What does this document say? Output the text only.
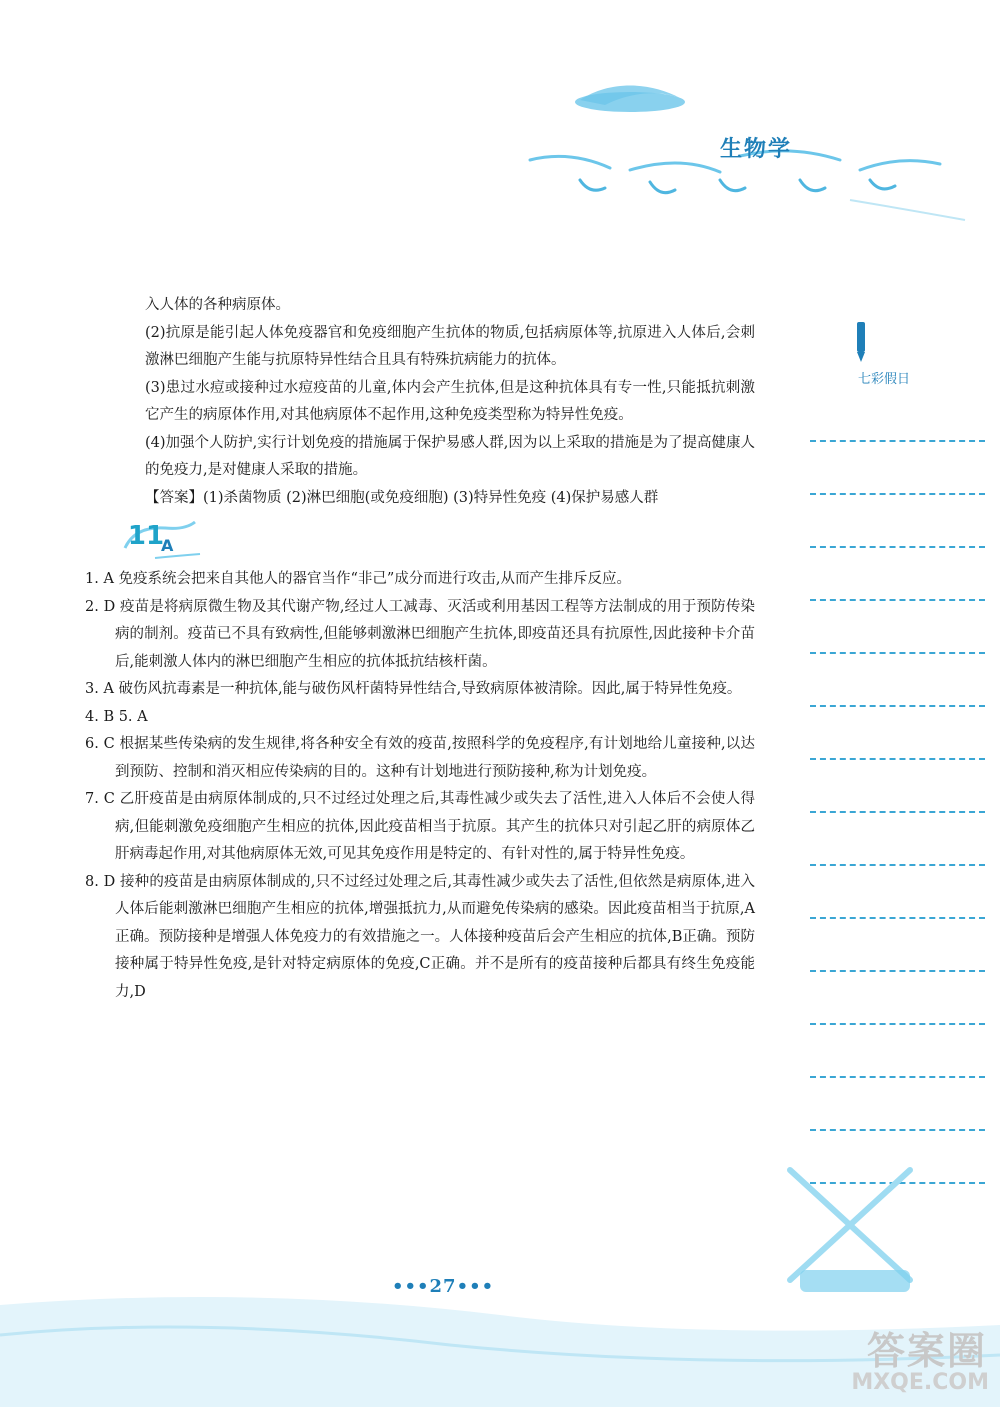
生物学
七彩假日

入人体的各种病原体。

(2)抗原是能引起人体免疫器官和免疫细胞产生抗体的物质,包括病原体等,抗原进入人体后,会刺激淋巴细胞产生能与抗原特异性结合且具有特殊抗病能力的抗体。

(3)患过水痘或接种过水痘疫苗的儿童,体内会产生抗体,但是这种抗体具有专一性,只能抵抗刺激它产生的病原体作用,对其他病原体不起作用,这种免疫类型称为特异性免疫。

(4)加强个人防护,实行计划免疫的措施属于保护易感人群,因为以上采取的措施是为了提高健康人的免疫力,是对健康人采取的措施。

【答案】(1)杀菌物质 (2)淋巴细胞(或免疫细胞) (3)特异性免疫 (4)保护易感人群

11
A

1. A 免疫系统会把来自其他人的器官当作“非己”成分而进行攻击,从而产生排斥反应。

2. D 疫苗是将病原微生物及其代谢产物,经过人工减毒、灭活或利用基因工程等方法制成的用于预防传染病的制剂。疫苗已不具有致病性,但能够刺激淋巴细胞产生抗体,即疫苗还具有抗原性,因此接种卡介苗后,能刺激人体内的淋巴细胞产生相应的抗体抵抗结核杆菌。

3. A 破伤风抗毒素是一种抗体,能与破伤风杆菌特异性结合,导致病原体被清除。因此,属于特异性免疫。

4. B 5. A

6. C 根据某些传染病的发生规律,将各种安全有效的疫苗,按照科学的免疫程序,有计划地给儿童接种,以达到预防、控制和消灭相应传染病的目的。这种有计划地进行预防接种,称为计划免疫。

7. C 乙肝疫苗是由病原体制成的,只不过经过处理之后,其毒性减少或失去了活性,进入人体后不会使人得病,但能刺激免疫细胞产生相应的抗体,因此疫苗相当于抗原。其产生的抗体只对引起乙肝的病原体乙肝病毒起作用,对其他病原体无效,可见其免疫作用是特定的、有针对性的,属于特异性免疫。

8. D 接种的疫苗是由病原体制成的,只不过经过处理之后,其毒性减少或失去了活性,但依然是病原体,进入人体后能刺激淋巴细胞产生相应的抗体,增强抵抗力,从而避免传染病的感染。因此疫苗相当于抗原,A正确。预防接种是增强人体免疫力的有效措施之一。人体接种疫苗后会产生相应的抗体,B正确。预防接种属于特异性免疫,是针对特定病原体的免疫,C正确。并不是所有的疫苗接种后都具有终生免疫能力,D

•••27•••
答案圈
MXQE.COM
